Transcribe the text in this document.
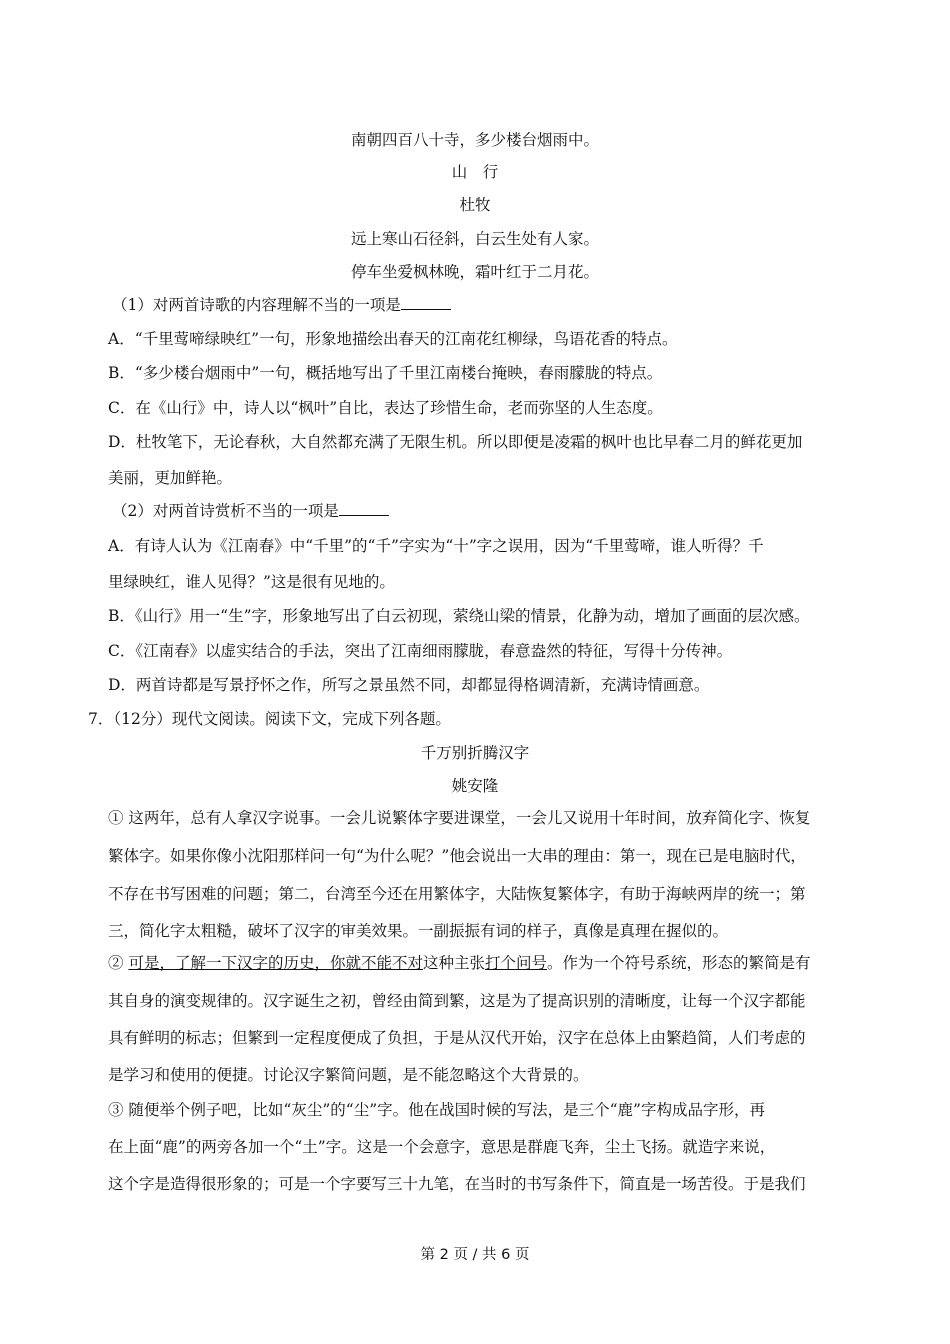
南朝四百八十寺，多少楼台烟雨中。
山　行
杜牧
远上寒山石径斜，白云生处有人家。
停车坐爱枫林晚，霜叶红于二月花。
（1）对两首诗歌的内容理解不当的一项是
A．“千里莺啼绿映红”一句，形象地描绘出春天的江南花红柳绿，鸟语花香的特点。
B．“多少楼台烟雨中”一句，概括地写出了千里江南楼台掩映，春雨朦胧的特点。
C．在《山行》中，诗人以“枫叶”自比，表达了珍惜生命，老而弥坚的人生态度。
D．杜牧笔下，无论春秋，大自然都充满了无限生机。所以即便是凌霜的枫叶也比早春二月的鲜花更加
美丽，更加鲜艳。
（2）对两首诗赏析不当的一项是
A．有诗人认为《江南春》中“千里”的“千”字实为“十”字之误用，因为“千里莺啼，谁人听得？千
里绿映红，谁人见得？”这是很有见地的。
B．《山行》用一“生”字，形象地写出了白云初现，萦绕山梁的情景，化静为动，增加了画面的层次感。
C．《江南春》以虚实结合的手法，突出了江南细雨朦胧，春意盎然的特征，写得十分传神。
D．两首诗都是写景抒怀之作，所写之景虽然不同，却都显得格调清新，充满诗情画意。
7．（12分）现代文阅读。阅读下文，完成下列各题。
千万别折腾汉字
姚安隆
① 这两年，总有人拿汉字说事。一会儿说繁体字要进课堂，一会儿又说用十年时间，放弃简化字、恢复
繁体字。如果你像小沈阳那样问一句“为什么呢？”他会说出一大串的理由：第一，现在已是电脑时代，
不存在书写困难的问题；第二，台湾至今还在用繁体字，大陆恢复繁体字，有助于海峡两岸的统一；第
三，简化字太粗糙，破坏了汉字的审美效果。一副振振有词的样子，真像是真理在握似的。
② 可是，了解一下汉字的历史，你就不能不对这种主张打个问号。作为一个符号系统，形态的繁简是有
其自身的演变规律的。汉字诞生之初，曾经由简到繁，这是为了提高识别的清晰度，让每一个汉字都能
具有鲜明的标志；但繁到一定程度便成了负担，于是从汉代开始，汉字在总体上由繁趋简，人们考虑的
是学习和使用的便捷。讨论汉字繁简问题，是不能忽略这个大背景的。
③ 随便举个例子吧，比如“灰尘”的“尘”字。他在战国时候的写法，是三个“鹿”字构成品字形，再
在上面“鹿”的两旁各加一个“土”字。这是一个会意字，意思是群鹿飞奔，尘土飞扬。就造字来说，
这个字是造得很形象的；可是一个字要写三十九笔，在当时的书写条件下，简直是一场苦役。于是我们
第 2 页 / 共 6 页
